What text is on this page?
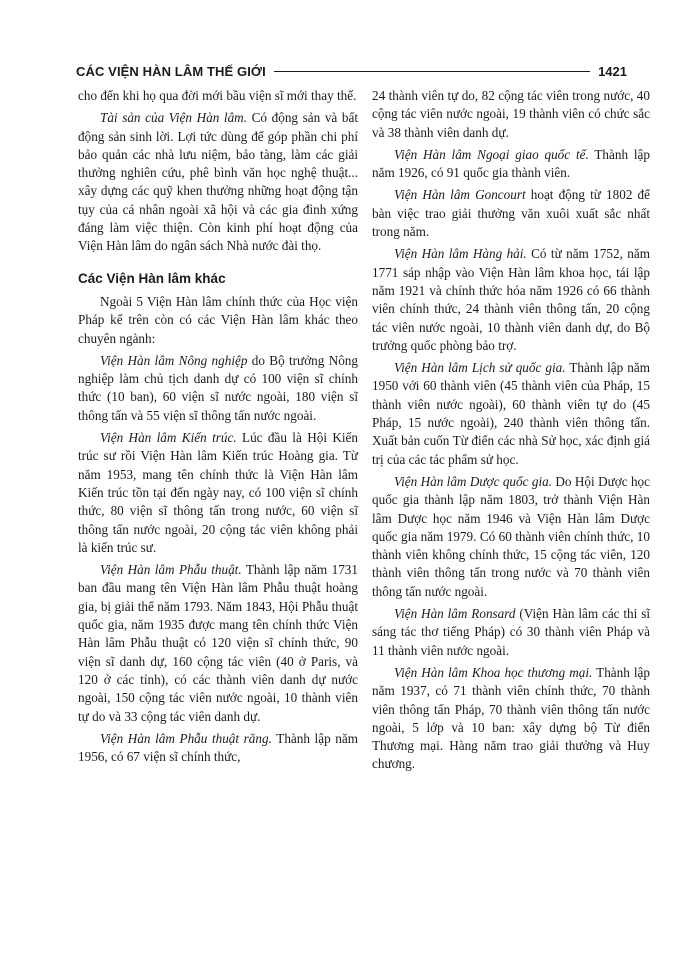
CÁC VIỆN HÀN LÂM THẾ GIỚI	1421

cho đến khi họ qua đời mới bầu viện sĩ mới thay thế.

Tài sản của Viện Hàn lâm. Có động sản và bất động sản sinh lời. Lợi tức dùng để góp phần chi phí bảo quản các nhà lưu niệm, bảo tàng, làm các giải thưởng nghiên cứu, phê bình văn học nghệ thuật... xây dựng các quỹ khen thưởng những hoạt động tận tụy của cá nhân ngoài xã hội và các gia đình xứng đáng làm việc thiện. Còn kinh phí hoạt động của Viện Hàn lâm do ngân sách Nhà nước đài thọ.

Các Viện Hàn lâm khác

Ngoài 5 Viện Hàn lâm chính thức của Học viện Pháp kể trên còn có các Viện Hàn lâm khác theo chuyên ngành:

Viện Hàn lâm Nông nghiệp do Bộ trưởng Nông nghiệp làm chủ tịch danh dự có 100 viện sĩ chính thức (10 ban), 60 viện sĩ nước ngoài, 180 viện sĩ thông tấn và 55 viện sĩ thông tấn nước ngoài.

Viện Hàn lâm Kiến trúc. Lúc đầu là Hội Kiến trúc sư rồi Viện Hàn lâm Kiến trúc Hoàng gia. Từ năm 1953, mang tên chính thức là Viện Hàn lâm Kiến trúc tồn tại đến ngày nay, có 100 viện sĩ chính thức, 80 viện sĩ thông tấn trong nước, 60 viện sĩ thông tấn nước ngoài, 20 cộng tác viên không phải là kiến trúc sư.

Viện Hàn lâm Phẫu thuật. Thành lập năm 1731 ban đầu mang tên Viện Hàn lâm Phẫu thuật hoàng gia, bị giải thể năm 1793. Năm 1843, Hội Phẫu thuật quốc gia, năm 1935 được mang tên chính thức Viện Hàn lâm Phẫu thuật có 120 viện sĩ chính thức, 90 viện sĩ danh dự, 160 cộng tác viên (40 ở Paris, và 120 ở các tỉnh), có các thành viên danh dự nước ngoài, 150 cộng tác viên nước ngoài, 10 thành viên tự do và 33 cộng tác viên danh dự.

Viện Hàn lâm Phẫu thuật răng. Thành lập năm 1956, có 67 viện sĩ chính thức,

24 thành viên tự do, 82 cộng tác viên trong nước, 40 cộng tác viên nước ngoài, 19 thành viên có chức sắc và 38 thành viên danh dự.

Viện Hàn lâm Ngoại giao quốc tế. Thành lập năm 1926, có 91 quốc gia thành viên.

Viện Hàn lâm Goncourt hoạt động từ 1802 để bàn việc trao giải thưởng văn xuôi xuất sắc nhất trong năm.

Viện Hàn lâm Hàng hải. Có từ năm 1752, năm 1771 sáp nhập vào Viện Hàn lâm khoa học, tái lập năm 1921 và chính thức hóa năm 1926 có 66 thành viên chính thức, 24 thành viên thông tấn, 20 cộng tác viên nước ngoài, 10 thành viên danh dự, do Bộ trưởng quốc phòng bảo trợ.

Viện Hàn lâm Lịch sử quốc gia. Thành lập năm 1950 với 60 thành viên (45 thành viên của Pháp, 15 thành viên nước ngoài), 60 thành viên tự do (45 Pháp, 15 nước ngoài), 240 thành viên thông tấn. Xuất bản cuốn Từ điển các nhà Sử học, xác định giá trị của các tác phẩm sử học.

Viện Hàn lâm Dược quốc gia. Do Hội Dược học quốc gia thành lập năm 1803, trở thành Viện Hàn lâm Dược học năm 1946 và Viện Hàn lâm Dược quốc gia năm 1979. Có 60 thành viên chính thức, 10 thành viên không chính thức, 15 cộng tác viên, 120 thành viên thông tấn trong nước và 70 thành viên thông tấn nước ngoài.

Viện Hàn lâm Ronsard (Viện Hàn lâm các thi sĩ sáng tác thơ tiếng Pháp) có 30 thành viên Pháp và 11 thành viên nước ngoài.

Viện Hàn lâm Khoa học thương mại. Thành lập năm 1937, có 71 thành viên chính thức, 70 thành viên thông tấn Pháp, 70 thành viên thông tấn nước ngoài, 5 lớp và 10 ban: xây dựng bộ Từ điển Thương mại. Hàng năm trao giải thưởng và Huy chương.
